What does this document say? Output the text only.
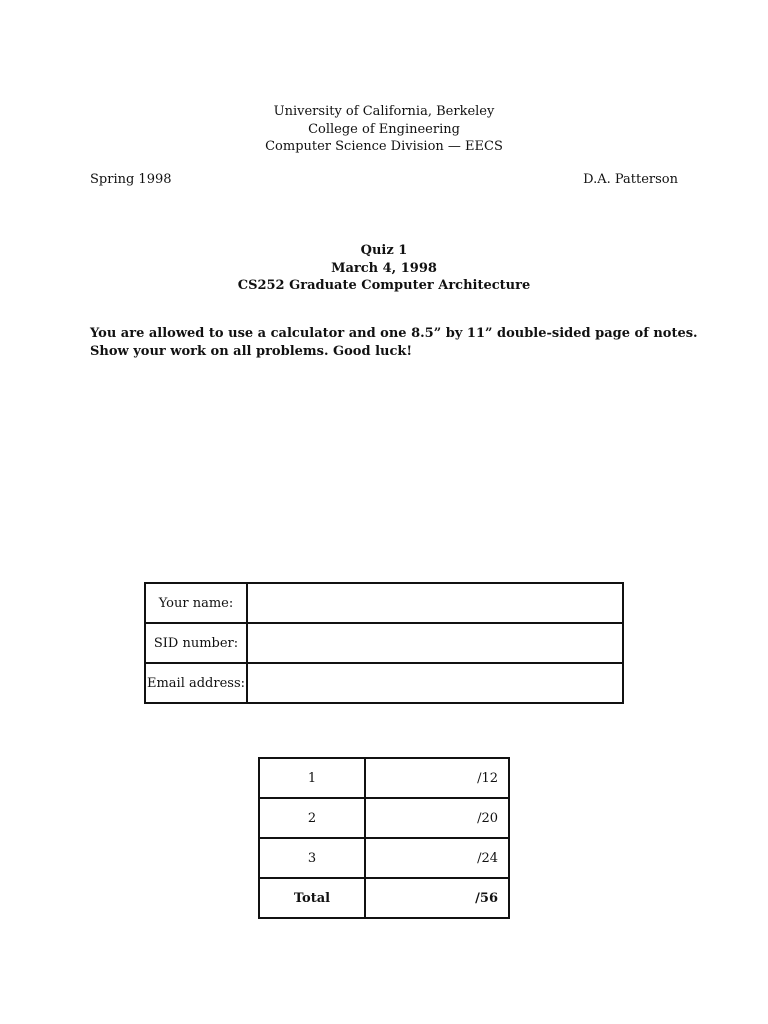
University of California, Berkeley
College of Engineering
Computer Science Division — EECS
Spring 1998	D.A. Patterson
Quiz 1
March 4, 1998
CS252 Graduate Computer Architecture
You are allowed to use a calculator and one 8.5” by 11” double-sided page of notes.
Show your work on all problems. Good luck!
Your name:	
SID number:	
Email address:	
1	/12
2	/20
3	/24
Total	/56
